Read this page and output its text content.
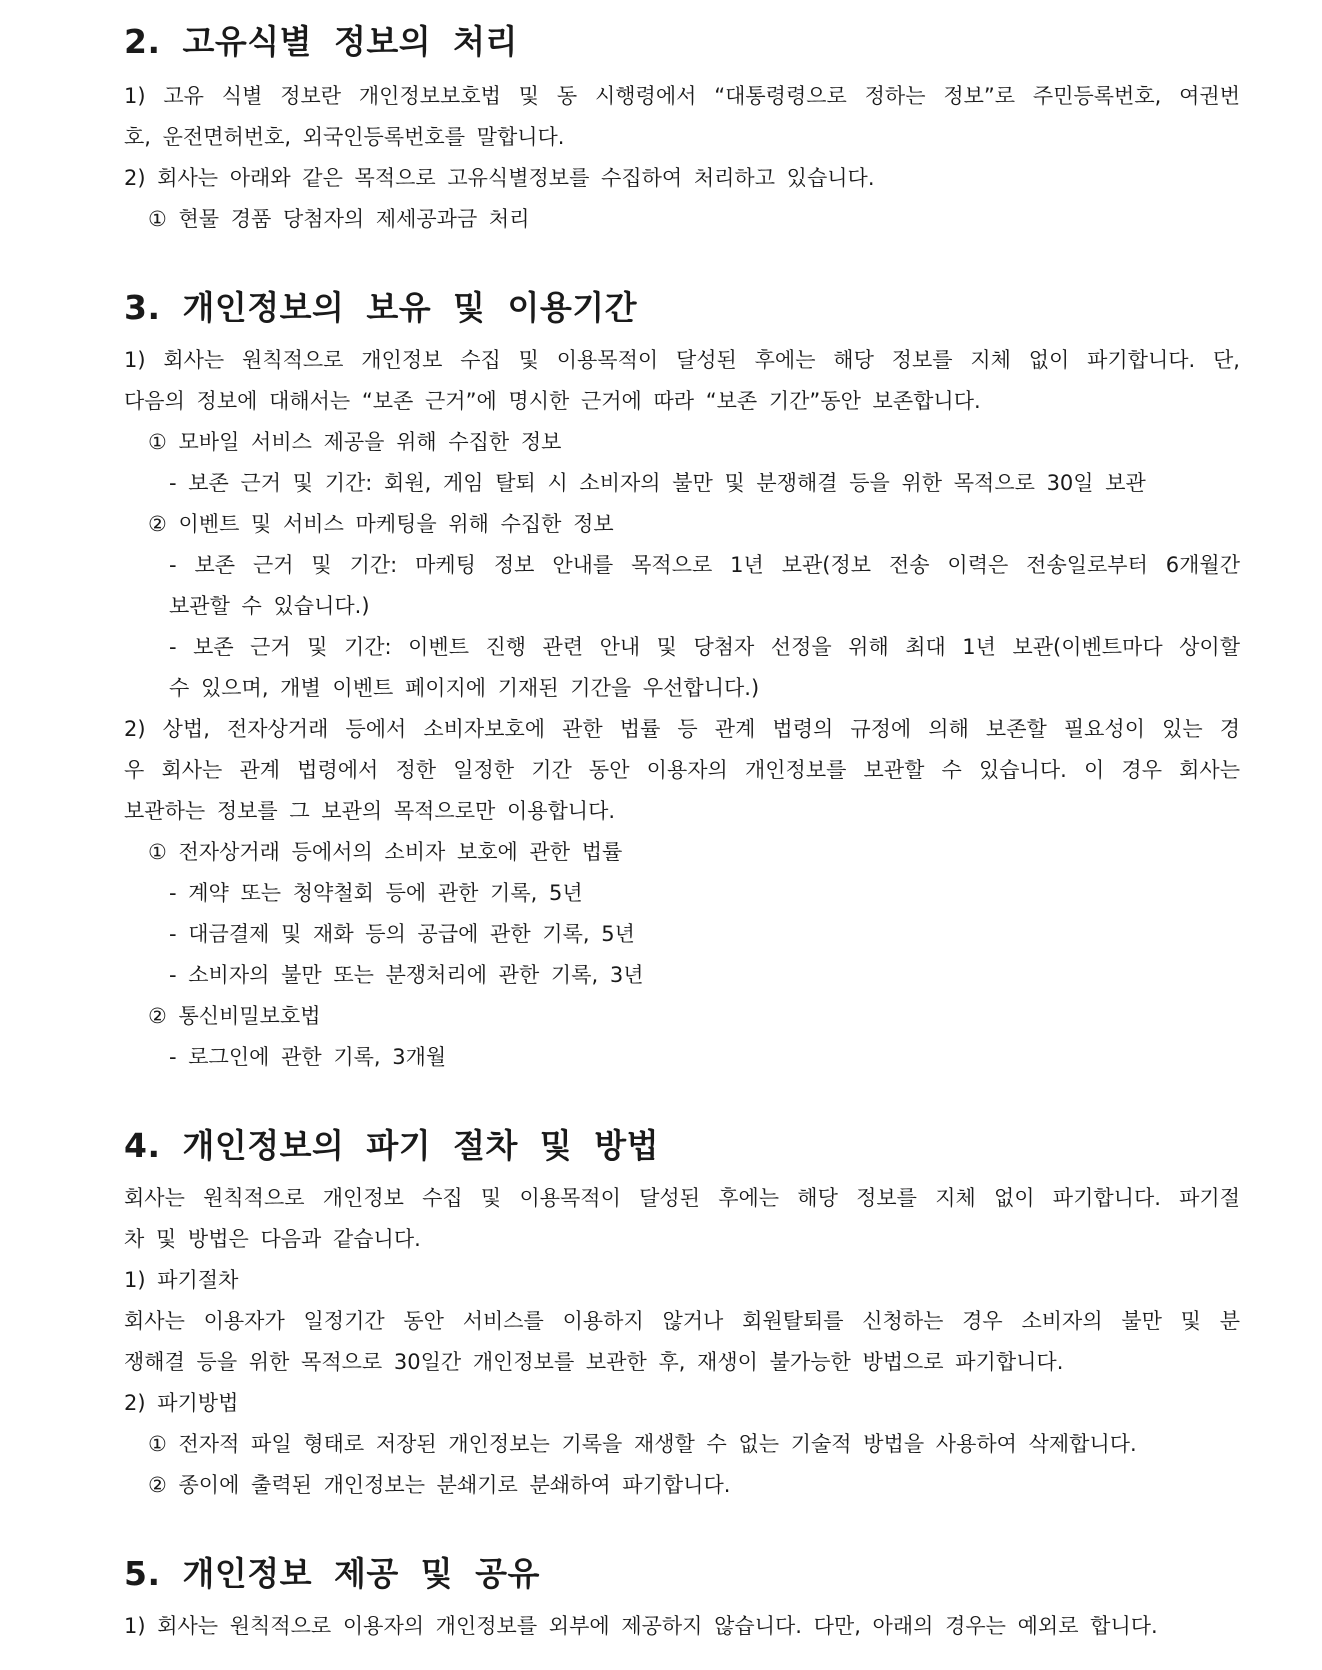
2. 고유식별 정보의 처리

1) 고유 식별 정보란 개인정보보호법 및 동 시행령에서 “대통령령으로 정하는 정보”로 주민등록번호, 여권번

호, 운전면허번호, 외국인등록번호를 말합니다.

2) 회사는 아래와 같은 목적으로 고유식별정보를 수집하여 처리하고 있습니다.

① 현물 경품 당첨자의 제세공과금 처리

3. 개인정보의 보유 및 이용기간

1) 회사는 원칙적으로 개인정보 수집 및 이용목적이 달성된 후에는 해당 정보를 지체 없이 파기합니다. 단,

다음의 정보에 대해서는 “보존 근거”에 명시한 근거에 따라 “보존 기간”동안 보존합니다.

① 모바일 서비스 제공을 위해 수집한 정보

- 보존 근거 및 기간: 회원, 게임 탈퇴 시 소비자의 불만 및 분쟁해결 등을 위한 목적으로 30일 보관

② 이벤트 및 서비스 마케팅을 위해 수집한 정보

- 보존 근거 및 기간: 마케팅 정보 안내를 목적으로 1년 보관(정보 전송 이력은 전송일로부터 6개월간

보관할 수 있습니다.)

- 보존 근거 및 기간: 이벤트 진행 관련 안내 및 당첨자 선정을 위해 최대 1년 보관(이벤트마다 상이할

수 있으며, 개별 이벤트 페이지에 기재된 기간을 우선합니다.)

2) 상법, 전자상거래 등에서 소비자보호에 관한 법률 등 관계 법령의 규정에 의해 보존할 필요성이 있는 경

우 회사는 관계 법령에서 정한 일정한 기간 동안 이용자의 개인정보를 보관할 수 있습니다. 이 경우 회사는

보관하는 정보를 그 보관의 목적으로만 이용합니다.

① 전자상거래 등에서의 소비자 보호에 관한 법률

- 계약 또는 청약철회 등에 관한 기록, 5년

- 대금결제 및 재화 등의 공급에 관한 기록, 5년

- 소비자의 불만 또는 분쟁처리에 관한 기록, 3년

② 통신비밀보호법

- 로그인에 관한 기록, 3개월

4. 개인정보의 파기 절차 및 방법

회사는 원칙적으로 개인정보 수집 및 이용목적이 달성된 후에는 해당 정보를 지체 없이 파기합니다. 파기절

차 및 방법은 다음과 같습니다.

1) 파기절차

회사는 이용자가 일정기간 동안 서비스를 이용하지 않거나 회원탈퇴를 신청하는 경우 소비자의 불만 및 분

쟁해결 등을 위한 목적으로 30일간 개인정보를 보관한 후, 재생이 불가능한 방법으로 파기합니다.

2) 파기방법

① 전자적 파일 형태로 저장된 개인정보는 기록을 재생할 수 없는 기술적 방법을 사용하여 삭제합니다.

② 종이에 출력된 개인정보는 분쇄기로 분쇄하여 파기합니다.

5. 개인정보 제공 및 공유

1) 회사는 원칙적으로 이용자의 개인정보를 외부에 제공하지 않습니다. 다만, 아래의 경우는 예외로 합니다.
